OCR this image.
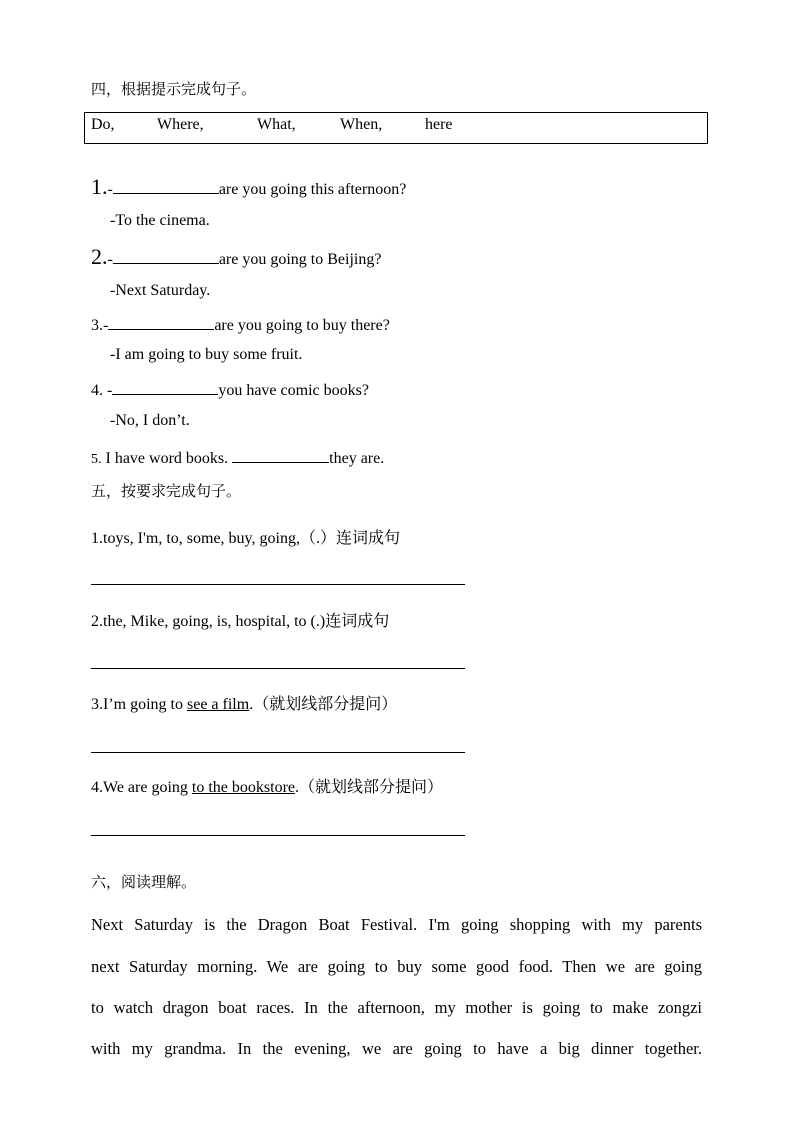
四，根据提示完成句子。
Do,	Where,	What,	When,	here
1.-	are you going this afternoon?
-To the cinema.
2.-	are you going to Beijing?
-Next Saturday.
3.-	are you going to buy there?
-I am going to buy some fruit.
4. -	you have comic books?
-No, I don’t.
5. I have word books.	they are.
五，按要求完成句子。
1.toys, I'm, to, some, buy, going,（.）连词成句
2.the, Mike, going, is, hospital, to (.)连词成句
3.I’m going to see a film.（就划线部分提问）
4.We are going to the bookstore.（就划线部分提问）
六，阅读理解。
Next Saturday is the Dragon Boat Festival. I'm going shopping with my parents
next Saturday morning. We are going to buy some good food. Then we are going
to watch dragon boat races. In the afternoon, my mother is going to make zongzi
with my grandma. In the evening, we are going to have a big dinner together.
